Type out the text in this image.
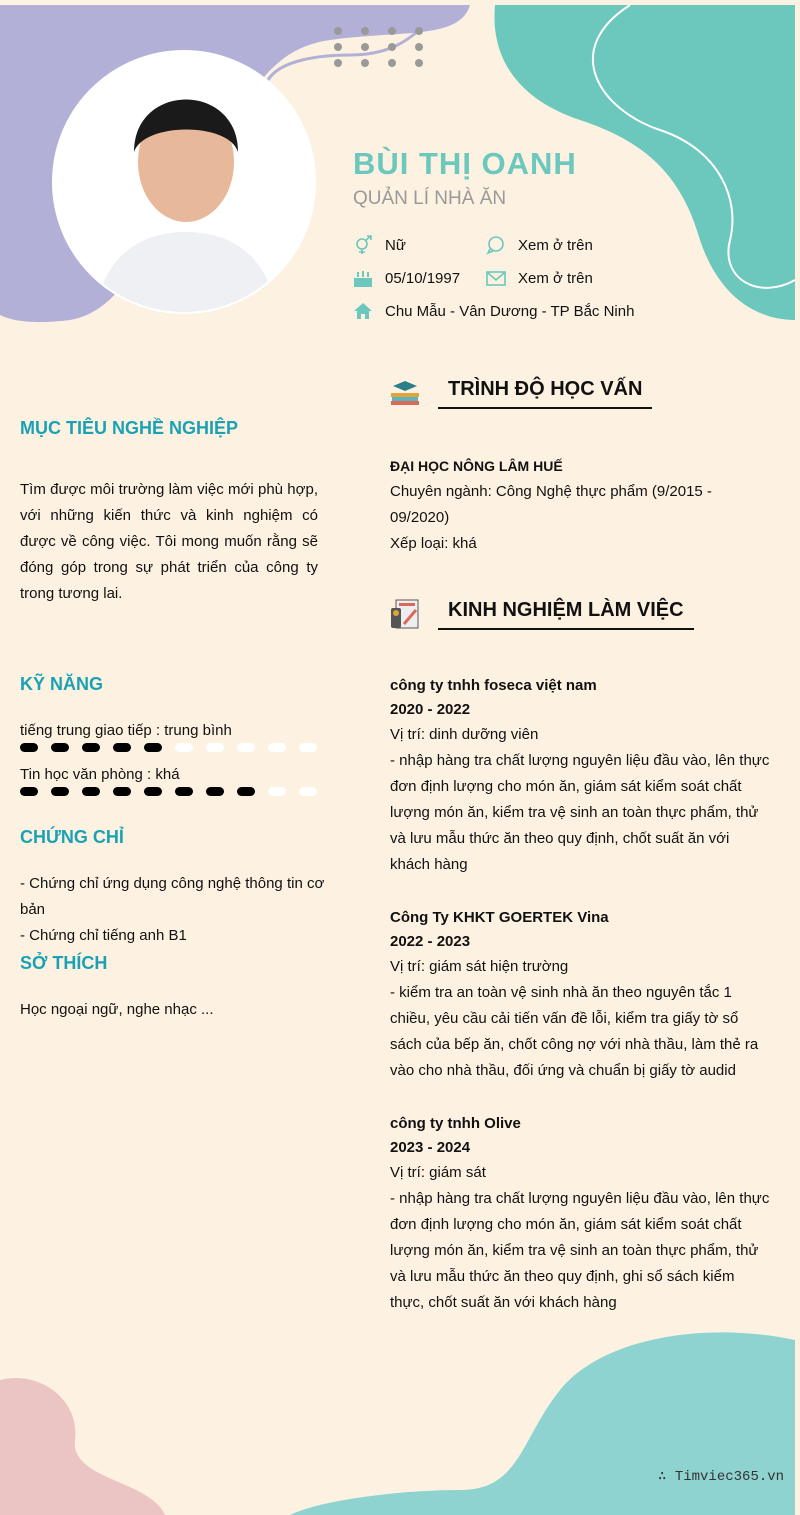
BÙI THỊ OANH
QUẢN LÍ NHÀ ĂN
Nữ	Xem ở trên
05/10/1997	Xem ở trên
Chu Mẫu - Vân Dương - TP Bắc Ninh
MỤC TIÊU NGHỀ NGHIỆP
Tìm được môi trường làm việc mới phù hợp, với những kiến thức và kinh nghiệm có được về công việc. Tôi mong muốn rằng sẽ đóng góp trong sự phát triển của công ty trong tương lai.
KỸ NĂNG
tiếng trung giao tiếp : trung bình
Tin học văn phòng : khá
CHỨNG CHỈ
- Chứng chỉ ứng dụng công nghệ thông tin cơ bản
- Chứng chỉ tiếng anh B1
SỞ THÍCH
Học ngoại ngữ, nghe nhạc ...
TRÌNH ĐỘ HỌC VẤN
ĐẠI HỌC NÔNG LÂM HUẾ
Chuyên ngành: Công Nghệ thực phẩm (9/2015 - 09/2020)
Xếp loại: khá
KINH NGHIỆM LÀM VIỆC
công ty tnhh foseca việt nam
2020 - 2022
Vị trí: dinh dưỡng viên
- nhập hàng tra chất lượng nguyên liệu đầu vào, lên thực đơn định lượng cho món ăn, giám sát kiểm soát chất lượng món ăn, kiểm tra vệ sinh an toàn thực phẩm, thử và lưu mẫu thức ăn theo quy định, chốt suất ăn với khách hàng
Công Ty KHKT GOERTEK Vina
2022 - 2023
Vị trí: giám sát hiện trường
- kiểm tra an toàn vệ sinh nhà ăn theo nguyên tắc 1 chiều, yêu cầu cải tiến vấn đề lỗi, kiểm tra giấy tờ sổ sách của bếp ăn, chốt công nợ với nhà thầu, làm thẻ ra vào cho nhà thầu, đối ứng và chuẩn bị giấy tờ audid
công ty tnhh Olive
2023 - 2024
Vị trí: giám sát
- nhập hàng tra chất lượng nguyên liệu đầu vào, lên thực đơn định lượng cho món ăn, giám sát kiểm soát chất lượng món ăn, kiểm tra vệ sinh an toàn thực phẩm, thử và lưu mẫu thức ăn theo quy định, ghi sổ sách kiểm thực, chốt suất ăn với khách hàng
∴ Timviec365.vn
